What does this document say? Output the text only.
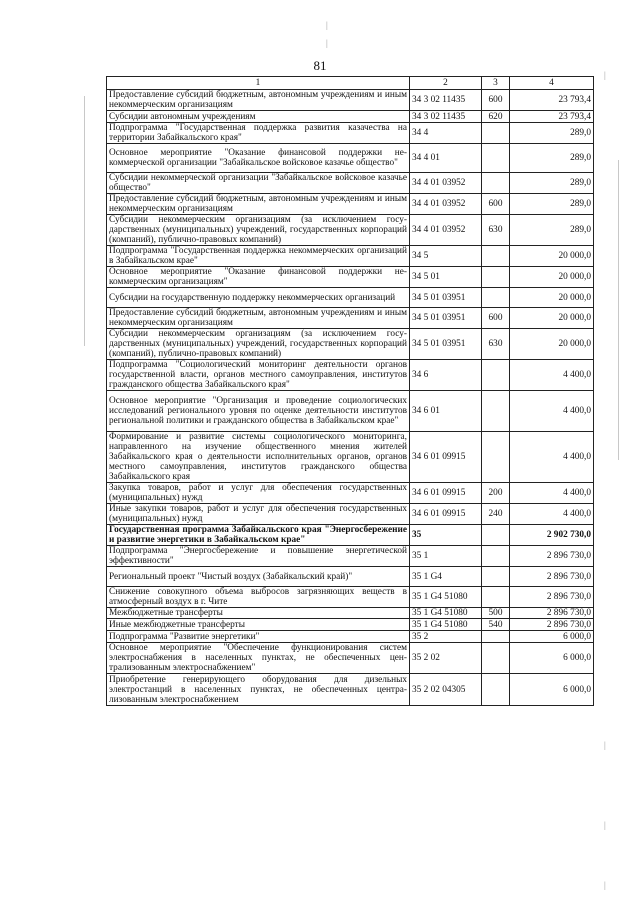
81
1	2	3	4
Предоставление субсидий бюджетным, автономным учреждениям и иным некоммерческим организациям	34 3 02 11435	600	23 793,4
Субсидии автономным учреждениям	34 3 02 11435	620	23 793,4
Подпрограмма "Государственная поддержка развития казачества на территории Забайкальского края"	34 4		289,0
Основное мероприятие "Оказание финансовой поддержки некоммерческой организации "Забайкальское войсковое казачье общество"	34 4 01		289,0
Субсидии некоммерческой организации "Забайкальское войсковое казачье общество"	34 4 01 03952		289,0
Предоставление субсидий бюджетным, автономным учреждениям и иным некоммерческим организациям	34 4 01 03952	600	289,0
Субсидии некоммерческим организациям (за исключением государственных (муниципальных) учреждений, государственных корпораций (компаний), публично-правовых компаний)	34 4 01 03952	630	289,0
Подпрограмма "Государственная поддержка некоммерческих организаций в Забайкальском крае"	34 5		20 000,0
Основное мероприятие "Оказание финансовой поддержки некоммерческим организациям"	34 5 01		20 000,0
Субсидии на государственную поддержку некоммерческих организаций	34 5 01 03951		20 000,0
Предоставление субсидий бюджетным, автономным учреждениям и иным некоммерческим организациям	34 5 01 03951	600	20 000,0
Субсидии некоммерческим организациям (за исключением государственных (муниципальных) учреждений, государственных корпораций (компаний), публично-правовых компаний)	34 5 01 03951	630	20 000,0
Подпрограмма "Социологический мониторинг деятельности органов государственной власти, органов местного самоуправления, институтов гражданского общества Забайкальского края"	34 6		4 400,0
Основное мероприятие "Организация и проведение социологических исследований регионального уровня по оценке деятельности институтов региональной политики и гражданского общества в Забайкальском крае"	34 6 01		4 400,0
Формирование и развитие системы социологического мониторинга, направленного на изучение общественного мнения жителей Забайкальского края о деятельности исполнительных органов, органов местного самоуправления, институтов гражданского общества Забайкальского края	34 6 01 09915		4 400,0
Закупка товаров, работ и услуг для обеспечения государственных (муниципальных) нужд	34 6 01 09915	200	4 400,0
Иные закупки товаров, работ и услуг для обеспечения государственных (муниципальных) нужд	34 6 01 09915	240	4 400,0
Государственная программа Забайкальского края "Энергосбережение и развитие энергетики в Забайкальском крае"	35		2 902 730,0
Подпрограмма "Энергосбережение и повышение энергетической эффективности"	35 1		2 896 730,0
Региональный проект "Чистый воздух (Забайкальский край)"	35 1 G4		2 896 730,0
Снижение совокупного объема выбросов загрязняющих веществ в атмосферный воздух в г. Чите	35 1 G4 51080		2 896 730,0
Межбюджетные трансферты	35 1 G4 51080	500	2 896 730,0
Иные межбюджетные трансферты	35 1 G4 51080	540	2 896 730,0
Подпрограмма "Развитие энергетики"	35 2		6 000,0
Основное мероприятие "Обеспечение функционирования систем электроснабжения в населенных пунктах, не обеспеченных централизованным электроснабжением"	35 2 02		6 000,0
Приобретение генерирующего оборудования для дизельных электростанций в населенных пунктах, не обеспеченных централизованным электроснабжением	35 2 02 04305		6 000,0
|
|
|
|
|
|
